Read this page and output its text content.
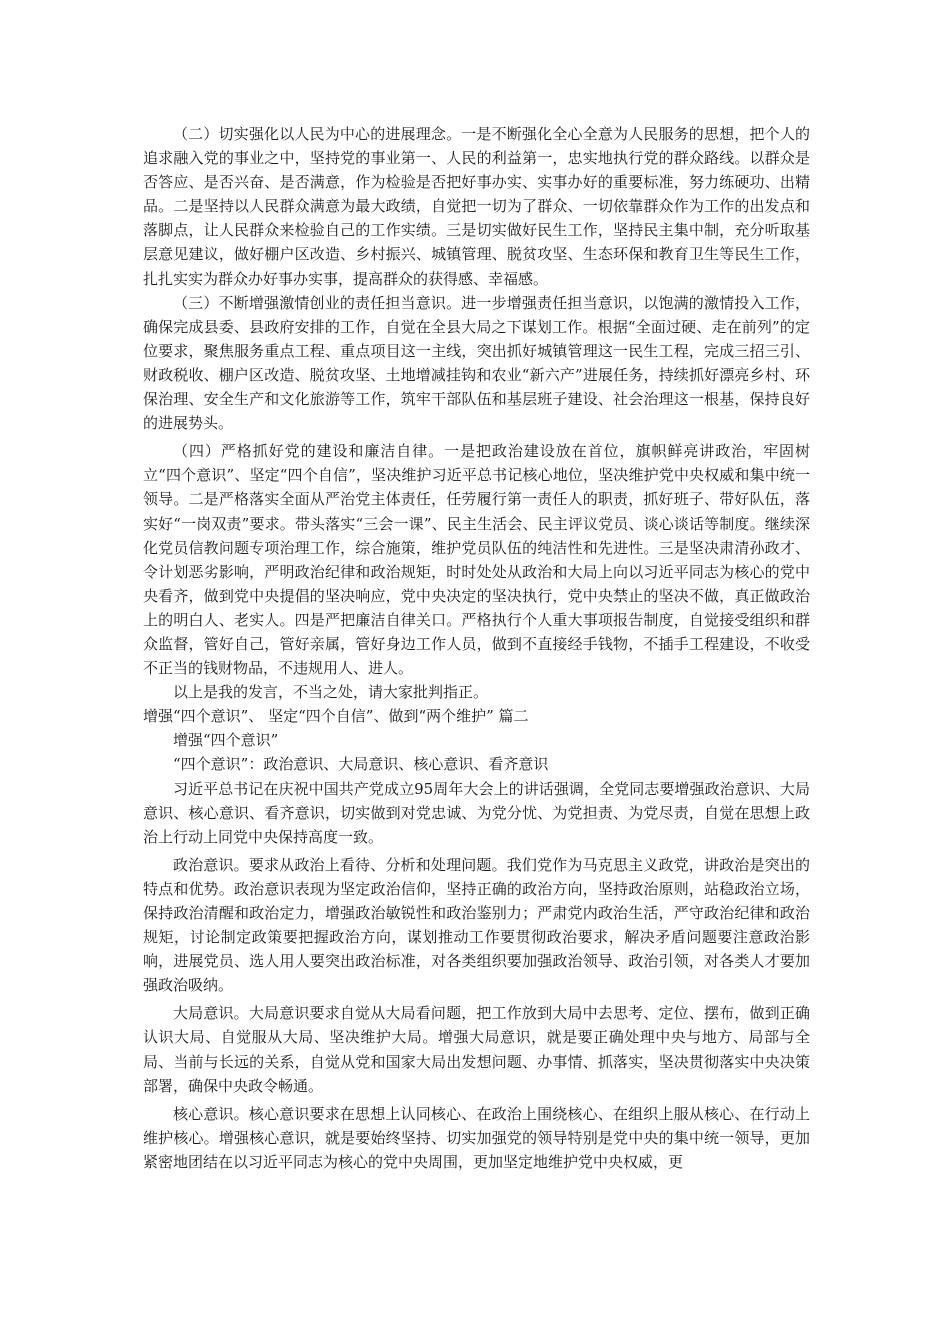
（二）切实强化以人民为中心的进展理念。一是不断强化全心全意为人民服务的思想，把个人的追求融入党的事业之中，坚持党的事业第一、人民的利益第一，忠实地执行党的群众路线。以群众是否答应、是否兴奋、是否满意，作为检验是否把好事办实、实事办好的重要标准，努力练硬功、出精品。二是坚持以人民群众满意为最大政绩，自觉把一切为了群众、一切依靠群众作为工作的出发点和落脚点，让人民群众来检验自己的工作实绩。三是切实做好民生工作，坚持民主集中制，充分听取基层意见建议，做好棚户区改造、乡村振兴、城镇管理、脱贫攻坚、生态环保和教育卫生等民生工作，扎扎实实为群众办好事办实事，提高群众的获得感、幸福感。

（三）不断增强激情创业的责任担当意识。进一步增强责任担当意识，以饱满的激情投入工作，确保完成县委、县政府安排的工作，自觉在全县大局之下谋划工作。根据“全面过硬、走在前列”的定位要求，聚焦服务重点工程、重点项目这一主线，突出抓好城镇管理这一民生工程，完成三招三引、财政税收、棚户区改造、脱贫攻坚、土地增减挂钩和农业“新六产”进展任务，持续抓好漂亮乡村、环保治理、安全生产和文化旅游等工作，筑牢干部队伍和基层班子建设、社会治理这一根基，保持良好的进展势头。

（四）严格抓好党的建设和廉洁自律。一是把政治建设放在首位，旗帜鲜亮讲政治，牢固树立“四个意识”、坚定“四个自信”，坚决维护习近平总书记核心地位，坚决维护党中央权威和集中统一领导。二是严格落实全面从严治党主体责任，任劳履行第一责任人的职责，抓好班子、带好队伍，落实好“一岗双责”要求。带头落实“三会一课”、民主生活会、民主评议党员、谈心谈话等制度。继续深化党员信教问题专项治理工作，综合施策，维护党员队伍的纯洁性和先进性。三是坚决肃清孙政才、令计划恶劣影响，严明政治纪律和政治规矩，时时处处从政治和大局上向以习近平同志为核心的党中央看齐，做到党中央提倡的坚决响应，党中央决定的坚决执行，党中央禁止的坚决不做，真正做政治上的明白人、老实人。四是严把廉洁自律关口。严格执行个人重大事项报告制度，自觉接受组织和群众监督，管好自己，管好亲属，管好身边工作人员，做到不直接经手钱物，不插手工程建设，不收受不正当的钱财物品，不违规用人、进人。

以上是我的发言，不当之处，请大家批判指正。

增强“四个意识”、 坚定“四个自信”、做到“两个维护” 篇二

增强“四个意识”

“四个意识”：政治意识、大局意识、核心意识、看齐意识

习近平总书记在庆祝中国共产党成立95周年大会上的讲话强调，全党同志要增强政治意识、大局意识、核心意识、看齐意识，切实做到对党忠诚、为党分忧、为党担责、为党尽责，自觉在思想上政治上行动上同党中央保持高度一致。

政治意识。要求从政治上看待、分析和处理问题。我们党作为马克思主义政党，讲政治是突出的特点和优势。政治意识表现为坚定政治信仰，坚持正确的政治方向，坚持政治原则，站稳政治立场，保持政治清醒和政治定力，增强政治敏锐性和政治鉴别力；严肃党内政治生活，严守政治纪律和政治规矩，讨论制定政策要把握政治方向，谋划推动工作要贯彻政治要求，解决矛盾问题要注意政治影响，进展党员、选人用人要突出政治标准，对各类组织要加强政治领导、政治引领，对各类人才要加强政治吸纳。

大局意识。大局意识要求自觉从大局看问题，把工作放到大局中去思考、定位、摆布，做到正确认识大局、自觉服从大局、坚决维护大局。增强大局意识，就是要正确处理中央与地方、局部与全局、当前与长远的关系，自觉从党和国家大局出发想问题、办事情、抓落实，坚决贯彻落实中央决策部署，确保中央政令畅通。

核心意识。核心意识要求在思想上认同核心、在政治上围绕核心、在组织上服从核心、在行动上维护核心。增强核心意识，就是要始终坚持、切实加强党的领导特别是党中央的集中统一领导，更加紧密地团结在以习近平同志为核心的党中央周围，更加坚定地维护党中央权威，更
